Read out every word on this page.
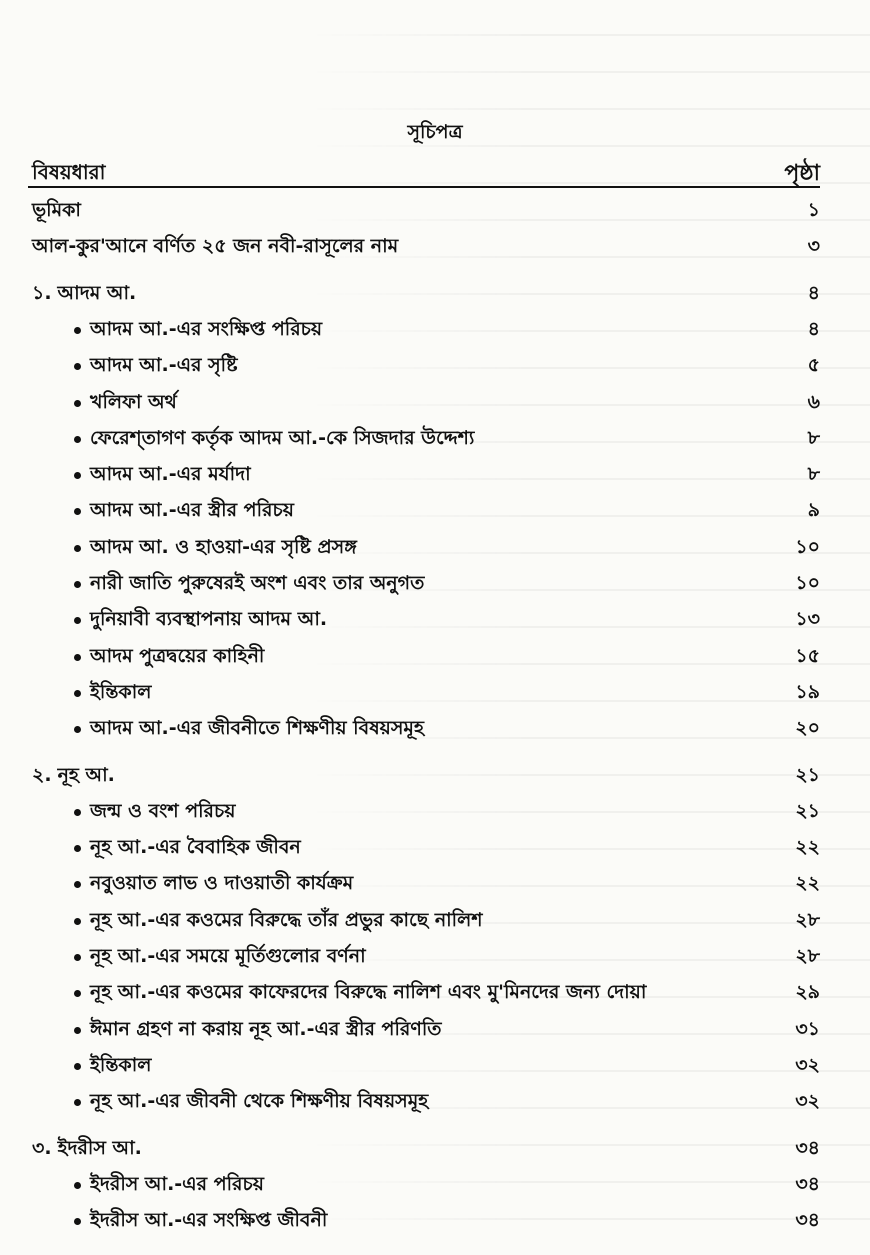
সূচিপত্র
বিষয়ধারা	পৃষ্ঠা
ভূমিকা	১
আল-কুর'আনে বর্ণিত ২৫ জন নবী-রাসূলের নাম	৩
১. আদম আ.	৪
আদম আ.-এর সংক্ষিপ্ত পরিচয়	৪
আদম আ.-এর সৃষ্টি	৫
খলিফা অর্থ	৬
ফেরেশ্‌তাগণ কর্তৃক আদম আ.-কে সিজদার উদ্দেশ্য	৮
আদম আ.-এর মর্যাদা	৮
আদম আ.-এর স্ত্রীর পরিচয়	৯
আদম আ. ও হাওয়া-এর সৃষ্টি প্রসঙ্গ	১০
নারী জাতি পুরুষেরই অংশ এবং তার অনুগত	১০
দুনিয়াবী ব্যবস্থাপনায় আদম আ.	১৩
আদম পুত্রদ্বয়ের কাহিনী	১৫
ইন্তিকাল	১৯
আদম আ.-এর জীবনীতে শিক্ষণীয় বিষয়সমূহ	২০
২. নূহ আ.	২১
জন্ম ও বংশ পরিচয়	২১
নূহ আ.-এর বৈবাহিক জীবন	২২
নবুওয়াত লাভ ও দাওয়াতী কার্যক্রম	২২
নূহ আ.-এর কওমের বিরুদ্ধে তাঁর প্রভুর কাছে নালিশ	২৮
নূহ আ.-এর সময়ে মূর্তিগুলোর বর্ণনা	২৮
নূহ আ.-এর কওমের কাফেরদের বিরুদ্ধে নালিশ এবং মু'মিনদের জন্য দোয়া	২৯
ঈমান গ্রহণ না করায় নূহ আ.-এর স্ত্রীর পরিণতি	৩১
ইন্তিকাল	৩২
নূহ আ.-এর জীবনী থেকে শিক্ষণীয় বিষয়সমূহ	৩২
৩. ইদরীস আ.	৩৪
ইদরীস আ.-এর পরিচয়	৩৪
ইদরীস আ.-এর সংক্ষিপ্ত জীবনী	৩৪
